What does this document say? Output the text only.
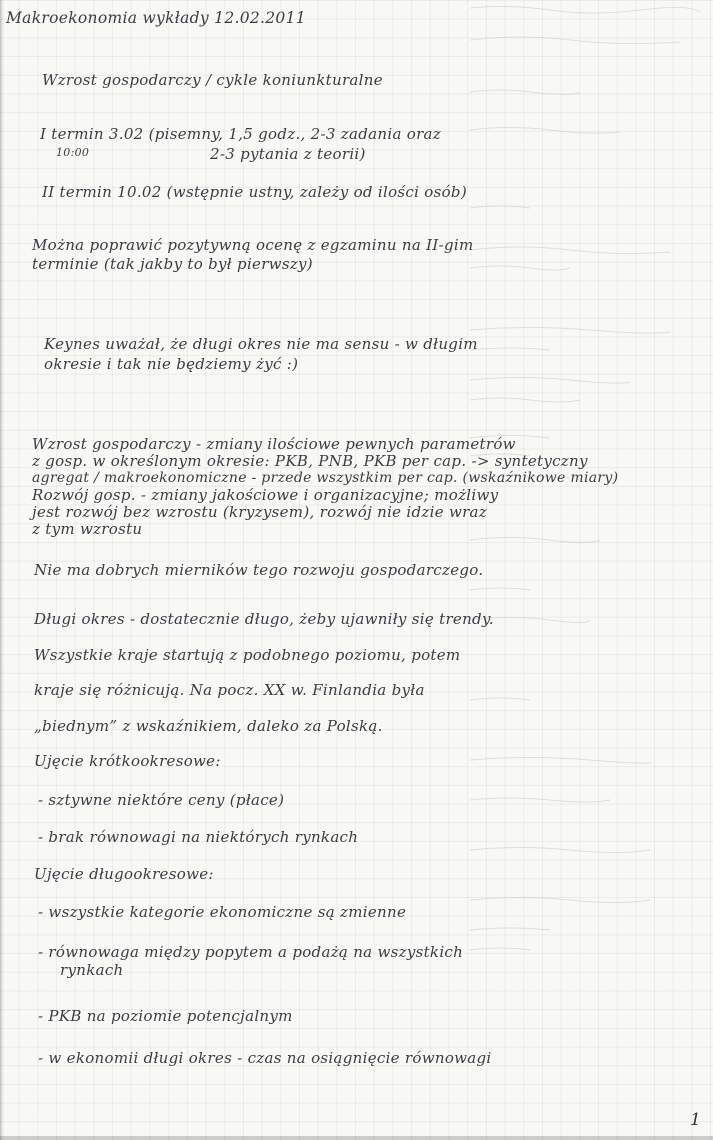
Makroekonomia wykłady 12.02.2011
Wzrost gospodarczy / cykle koniunkturalne
I termin 3.02 (pisemny, 1,5 godz., 2-3 zadania oraz
10:00	2-3 pytania z teorii)
II termin 10.02 (wstępnie ustny, zależy od ilości osób)
Można poprawić pozytywną ocenę z egzaminu na II-gim
terminie (tak jakby to był pierwszy)
Keynes uważał, że długi okres nie ma sensu - w długim
okresie i tak nie będziemy żyć :)
Wzrost gospodarczy - zmiany ilościowe pewnych parametrów
z gosp. w określonym okresie: PKB, PNB, PKB per cap. -> syntetyczny
agregat / makroekonomiczne - przede wszystkim per cap. (wskaźnikowe miary)
Rozwój gosp. - zmiany jakościowe i organizacyjne; możliwy
jest rozwój bez wzrostu (kryzysem), rozwój nie idzie wraz
z tym wzrostu
Nie ma dobrych mierników tego rozwoju gospodarczego.
Długi okres - dostatecznie długo, żeby ujawniły się trendy.
Wszystkie kraje startują z podobnego poziomu, potem
kraje się różnicują. Na pocz. XX w. Finlandia była
„biednym” z wskaźnikiem, daleko za Polską.
Ujęcie krótkookresowe:
- sztywne niektóre ceny (płace)
- brak równowagi na niektórych rynkach
Ujęcie długookresowe:
- wszystkie kategorie ekonomiczne są zmienne
- równowaga między popytem a podażą na wszystkich
rynkach
- PKB na poziomie potencjalnym
- w ekonomii długi okres - czas na osiągnięcie równowagi
1
